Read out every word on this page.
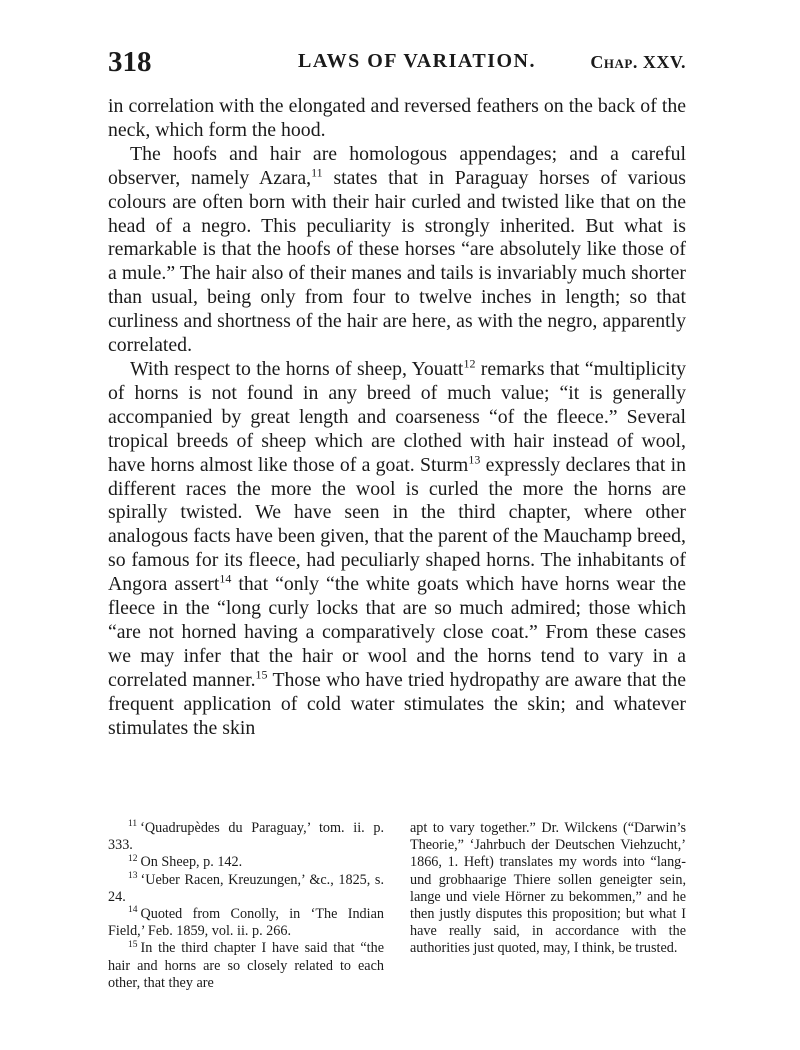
318	LAWS OF VARIATION.	Chap. XXV.

in correlation with the elongated and reversed feathers on the back of the neck, which form the hood.

The hoofs and hair are homologous appendages; and a careful observer, namely Azara,$^{11}$ states that in Paraguay horses of various colours are often born with their hair curled and twisted like that on the head of a negro. This peculiarity is strongly inherited. But what is remarkable is that the hoofs of these horses “are absolutely like those of a mule.” The hair also of their manes and tails is invariably much shorter than usual, being only from four to twelve inches in length; so that curliness and shortness of the hair are here, as with the negro, apparently correlated.

With respect to the horns of sheep, Youatt$^{12}$ remarks that “multiplicity of horns is not found in any breed of much value; “it is generally accompanied by great length and coarseness “of the fleece.” Several tropical breeds of sheep which are clothed with hair instead of wool, have horns almost like those of a goat. Sturm$^{13}$ expressly declares that in different races the more the wool is curled the more the horns are spirally twisted. We have seen in the third chapter, where other analogous facts have been given, that the parent of the Mauchamp breed, so famous for its fleece, had peculiarly shaped horns. The inhabitants of Angora assert$^{14}$ that “only “the white goats which have horns wear the fleece in the “long curly locks that are so much admired; those which “are not horned having a comparatively close coat.” From these cases we may infer that the hair or wool and the horns tend to vary in a correlated manner.$^{15}$ Those who have tried hydropathy are aware that the frequent application of cold water stimulates the skin; and whatever stimulates the skin

$^{11}$ ‘Quadrupèdes du Paraguay,’ tom. ii. p. 333.

$^{12}$ On Sheep, p. 142.

$^{13}$ ‘Ueber Racen, Kreuzungen,’ &c., 1825, s. 24.

$^{14}$ Quoted from Conolly, in ‘The Indian Field,’ Feb. 1859, vol. ii. p. 266.

$^{15}$ In the third chapter I have said that “the hair and horns are so closely related to each other, that they are

apt to vary together.” Dr. Wilckens (“Darwin’s Theorie,” ‘Jahrbuch der Deutschen Viehzucht,’ 1866, 1. Heft) translates my words into “lang- und grobhaarige Thiere sollen geneigter sein, lange und viele Hörner zu bekommen,” and he then justly disputes this proposition; but what I have really said, in accordance with the authorities just quoted, may, I think, be trusted.
